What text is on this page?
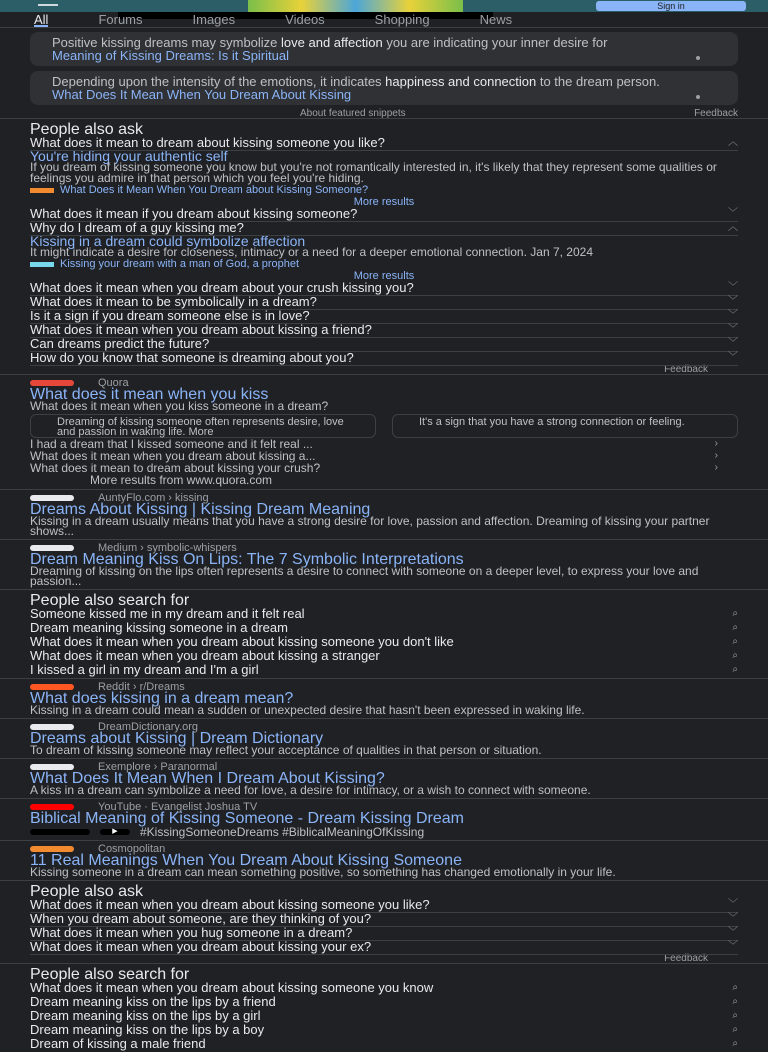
Sign in
All	Forums	Images	Videos	Shopping	News
Positive kissing dreams may symbolize love and affection you are indicating your inner desire for
Meaning of Kissing Dreams: Is it Spiritual
Depending upon the intensity of the emotions, it indicates happiness and connection to the dream person.
What Does It Mean When You Dream About Kissing
About featured snippets	Feedback
People also ask
What does it mean to dream about kissing someone you like?	︿
You're hiding your authentic self
If you dream of kissing someone you know but you're not romantically interested in, it's likely that they represent some qualities or feelings you admire in that person which you feel you're hiding.
What Does it Mean When You Dream about Kissing Someone?
More results
What does it mean if you dream about kissing someone?	﹀
Why do I dream of a guy kissing me?	︿
Kissing in a dream could symbolize affection
It might indicate a desire for closeness, intimacy or a need for a deeper emotional connection. Jan 7, 2024
Kissing your dream with a man of God, a prophet
More results
What does it mean when you dream about your crush kissing you?	﹀
What does it mean to be symbolically in a dream?	﹀
Is it a sign if you dream someone else is in love?	﹀
What does it mean when you dream about kissing a friend?	﹀
Can dreams predict the future?	﹀
How do you know that someone is dreaming about you?	﹀
Feedback
Quora
What does it mean when you kiss
What does it mean when you kiss someone in a dream?
Dreaming of kissing someone often represents desire, love and passion in waking life. More
It's a sign that you have a strong connection or feeling.
I had a dream that I kissed someone and it felt real ...	›
What does it mean when you dream about kissing a...	›
What does it mean to dream about kissing your crush?	›
More results from www.quora.com
AuntyFlo.com › kissing
Dreams About Kissing | Kissing Dream Meaning
Kissing in a dream usually means that you have a strong desire for love, passion and affection. Dreaming of kissing your partner shows...
Medium › symbolic-whispers
Dream Meaning Kiss On Lips: The 7 Symbolic Interpretations
Dreaming of kissing on the lips often represents a desire to connect with someone on a deeper level, to express your love and passion...
People also search for
Someone kissed me in my dream and it felt real	⌕
Dream meaning kissing someone in a dream	⌕
What does it mean when you dream about kissing someone you don't like	⌕
What does it mean when you dream about kissing a stranger	⌕
I kissed a girl in my dream and I'm a girl	⌕
Reddit › r/Dreams
What does kissing in a dream mean?
Kissing in a dream could mean a sudden or unexpected desire that hasn't been expressed in waking life.
DreamDictionary.org
Dreams about Kissing | Dream Dictionary
To dream of kissing someone may reflect your acceptance of qualities in that person or situation.
Exemplore › Paranormal
What Does It Mean When I Dream About Kissing?
A kiss in a dream can symbolize a need for love, a desire for intimacy, or a wish to connect with someone.
YouTube · Evangelist Joshua TV
Biblical Meaning of Kissing Someone - Dream Kissing Dream
▶	#KissingSomeoneDreams #BiblicalMeaningOfKissing
Cosmopolitan
11 Real Meanings When You Dream About Kissing Someone
Kissing someone in a dream can mean something positive, so something has changed emotionally in your life.
People also ask
What does it mean when you dream about kissing someone you like?	﹀
When you dream about someone, are they thinking of you?	﹀
What does it mean when you hug someone in a dream?	﹀
What does it mean when you dream about kissing your ex?	﹀
Feedback
People also search for
What does it mean when you dream about kissing someone you know	⌕
Dream meaning kiss on the lips by a friend	⌕
Dream meaning kiss on the lips by a girl	⌕
Dream meaning kiss on the lips by a boy	⌕
Dream of kissing a male friend	⌕
